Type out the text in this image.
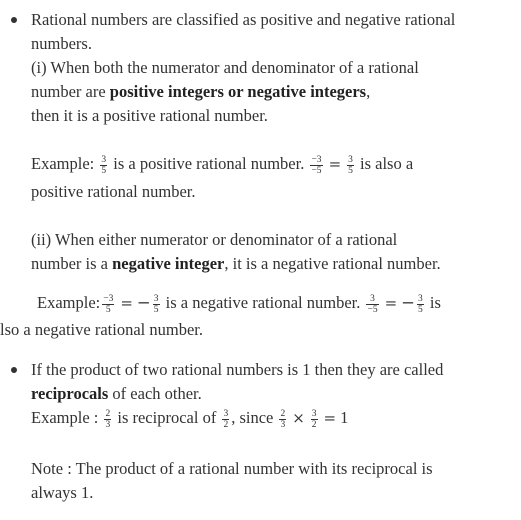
Rational numbers are classified as positive and negative rational
numbers.
(i) When both the numerator and denominator of a rational
number are positive integers or negative integers,
then it is a positive rational number.
Example: $\frac{3}{5}$ is a positive rational number. $\frac{-3}{-5} = \frac{3}{5}$ is also a
positive rational number.
(ii) When either numerator or denominator of a rational
number is a negative integer, it is a negative rational number.
Example: $\frac{-3}{5}$ = − $\frac{3}{5}$ is a negative rational number. $\frac{3}{-5}$ = − $\frac{3}{5}$ is
lso a negative rational number.
If the product of two rational numbers is 1 then they are called
reciprocals of each other.
Example : $\frac{2}{3}$ is reciprocal of $\frac{3}{2}$ , since $\frac{2}{3} \times \frac{3}{2} = 1$
Note : The product of a rational number with its reciprocal is
always 1.
